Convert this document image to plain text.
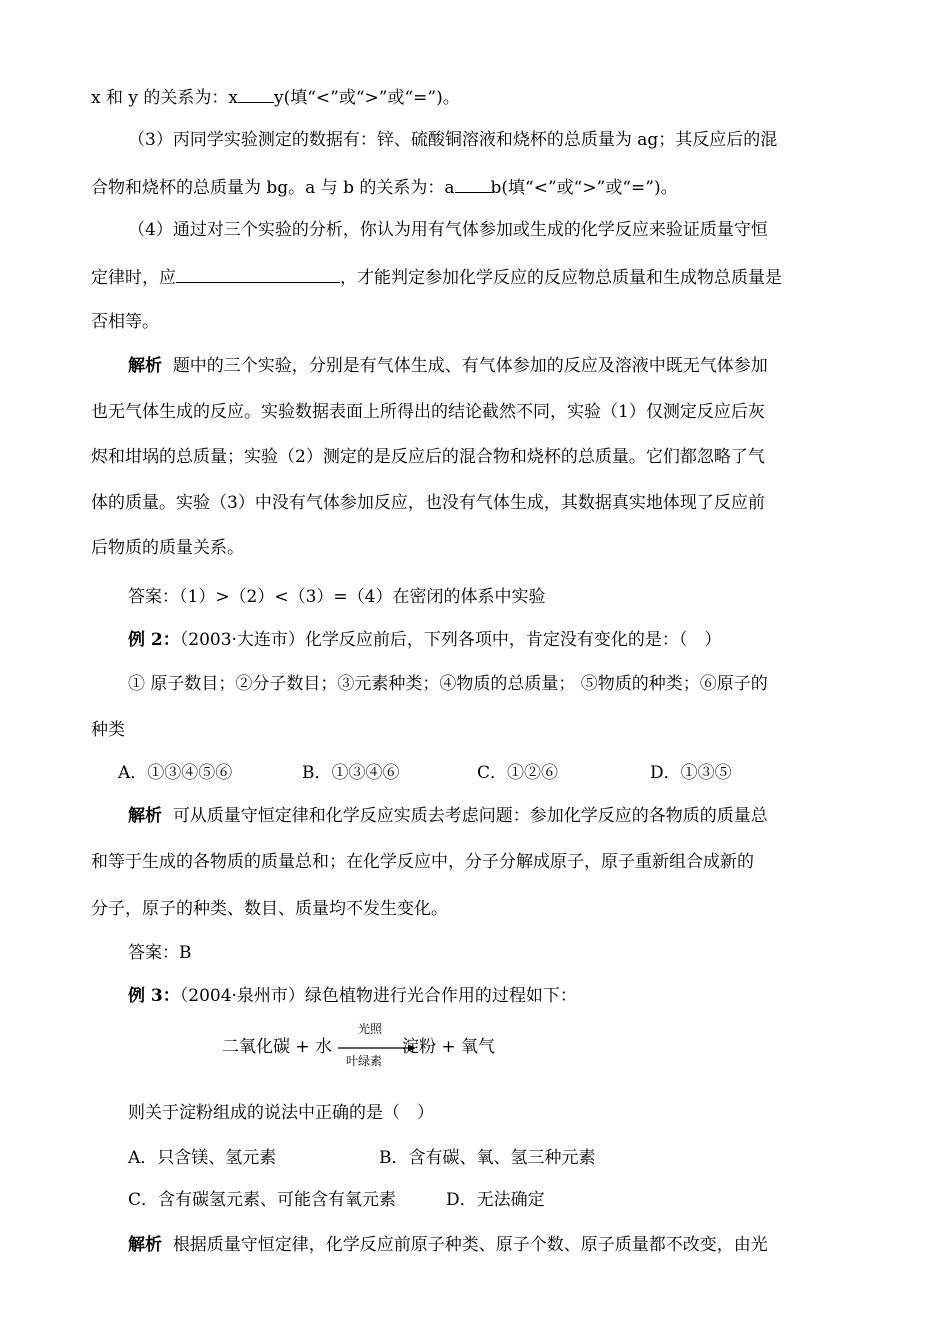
x 和 y 的关系为：x y(填“<”或“>”或“=”)。
（3）丙同学实验测定的数据有：锌、硫酸铜溶液和烧杯的总质量为 ag；其反应后的混
合物和烧杯的总质量为 bg。a 与 b 的关系为：a b(填“<”或“>”或“=”)。
（4）通过对三个实验的分析，你认为用有气体参加或生成的化学反应来验证质量守恒
定律时，应	，才能判定参加化学反应的反应物总质量和生成物总质量是
否相等。
解析 题中的三个实验，分别是有气体生成、有气体参加的反应及溶液中既无气体参加
也无气体生成的反应。实验数据表面上所得出的结论截然不同，实验（1）仅测定反应后灰
烬和坩埚的总质量；实验（2）测定的是反应后的混合物和烧杯的总质量。它们都忽略了气
体的质量。实验（3）中没有气体参加反应，也没有气体生成，其数据真实地体现了反应前
后物质的质量关系。
答案：（1）>（2）<（3）=（4）在密闭的体系中实验
例 2：（2003·大连市）化学反应前后，下列各项中，肯定没有变化的是：（　）
① 原子数目；②分子数目；③元素种类；④物质的总质量； ⑤物质的种类；⑥原子的
种类
A．①③④⑤⑥	B．①③④⑥	C．①②⑥	D．①③⑤
解析 可从质量守恒定律和化学反应实质去考虑问题：参加化学反应的各物质的质量总
和等于生成的各物质的质量总和；在化学反应中，分子分解成原子，原子重新组合成新的
分子，原子的种类、数目、质量均不发生变化。
答案：B
例 3：（2004·泉州市）绿色植物进行光合作用的过程如下：
二氧化碳 + 水
光照
叶绿素
淀粉 + 氧气
则关于淀粉组成的说法中正确的是（　）
A．只含镁、氢元素	B．含有碳、氧、氢三种元素
C．含有碳氢元素、可能含有氧元素	D．无法确定
解析 根据质量守恒定律，化学反应前原子种类、原子个数、原子质量都不改变，由光
